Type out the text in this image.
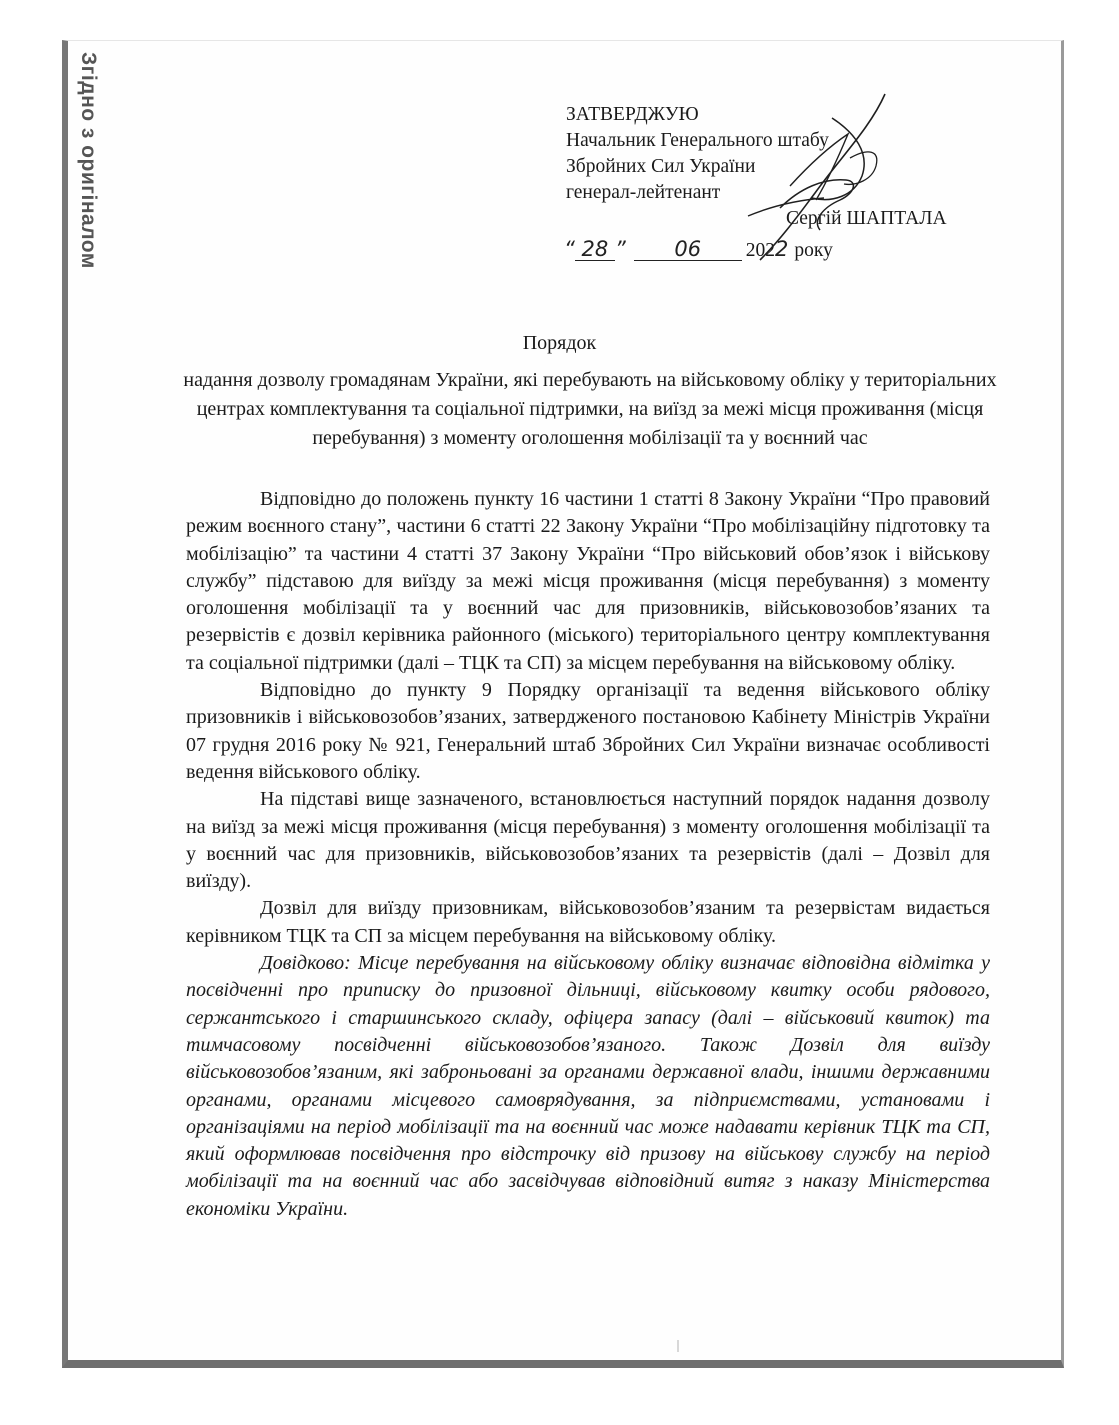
Згідно з оригіналом	ЗАТВЕРДЖУЮ
Начальник Генерального штабу
Збройних Сил України
генерал-лейтенант
Сергій ШАПТАЛА
“ 28 ”	06	202 2 року
Порядок
надання дозволу громадянам України, які перебувають на військовому обліку у територіальних центрах комплектування та соціальної підтримки, на виїзд за межі місця проживання (місця перебування) з моменту оголошення мобілізації та у воєнний час

Відповідно до положень пункту 16 частини 1 статті 8 Закону України “Про правовий режим воєнного стану”, частини 6 статті 22 Закону України “Про мобілізаційну підготовку та мобілізацію” та частини 4 статті 37 Закону України “Про військовий обов’язок і військову службу” підставою для виїзду за межі місця проживання (місця перебування) з моменту оголошення мобілізації та у воєнний час для призовників, військовозобов’язаних та резервістів є дозвіл керівника районного (міського) територіального центру комплектування та соціальної підтримки (далі – ТЦК та СП) за місцем перебування на військовому обліку.

Відповідно до пункту 9 Порядку організації та ведення військового обліку призовників і військовозобов’язаних, затвердженого постановою Кабінету Міністрів України 07 грудня 2016 року № 921, Генеральний штаб Збройних Сил України визначає особливості ведення військового обліку.

На підставі вище зазначеного, встановлюється наступний порядок надання дозволу на виїзд за межі місця проживання (місця перебування) з моменту оголошення мобілізації та у воєнний час для призовників, військовозобов’язаних та резервістів (далі – Дозвіл для виїзду).

Дозвіл для виїзду призовникам, військовозобов’язаним та резервістам видається керівником ТЦК та СП за місцем перебування на військовому обліку.

Довідково: Місце перебування на військовому обліку визначає відповідна відмітка у посвідченні про приписку до призовної дільниці, військовому квитку особи рядового, сержантського і старшинського складу, офіцера запасу (далі – військовий квиток) та тимчасовому посвідченні військовозобов’язаного. Також Дозвіл для виїзду військовозобов’язаним, які заброньовані за органами державної влади, іншими державними органами, органами місцевого самоврядування, за підприємствами, установами і організаціями на період мобілізації та на воєнний час може надавати керівник ТЦК та СП, який оформлював посвідчення про відстрочку від призову на військову службу на період мобілізації та на воєнний час або засвідчував відповідний витяг з наказу Міністерства економіки України.
